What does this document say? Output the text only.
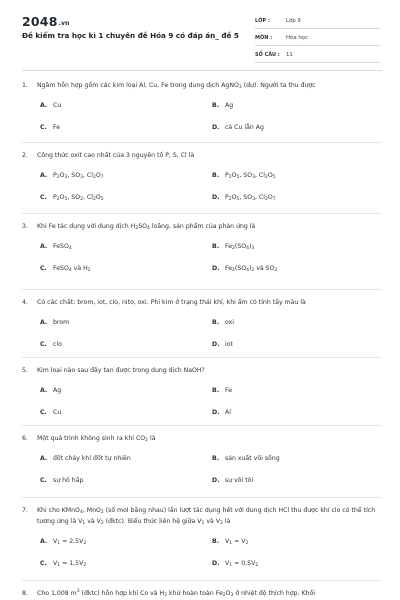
2048.vn
Đề kiểm tra học kì 1 chuyên đề Hóa 9 có đáp án_ đề 5
LỚP :	Lớp 9
MÔN :	Hóa học
SỐ CÂU :	11
1.	Ngâm hỗn hợp gồm các kim loại Al, Cu, Fe trong dung dịch AgNO$_3$ (dư). Người ta thu được
A. Cu	B. Ag
C. Fe	D. cả Cu lẫn Ag
2.	Công thức oxit cao nhất của 3 nguyên tố P, S, Cl là
A. $P_2O_3$, $SO_3$, $Cl_2O_7$	B. $P_2O_5$, $SO_3$, $Cl_2O_5$
C. $P_2O_5$, $SO_2$, $Cl_2O_5$	D. $P_2O_5$, $SO_3$, $Cl_2O_7$
3.	Khi Fe tác dụng với dung dịch $H_2SO_4$ loãng, sản phẩm của phản ứng là
A. FeSO$_4$	B. $Fe_2(SO_4)_3$
C. FeSO$_4$ và $H_2$	D. $Fe_2(SO_4)_2$ và $SO_2$
4.	Có các chất: brom, iot, clo, nito, oxi. Phi kim ở trạng thái khí, khi ẩm có tính tẩy màu là
A. brom	B. oxi
C. clo	D. iot
5.	Kim loại nào sau đây tan được trong dung dịch NaOH?
A. Ag	B. Fe
C. Cu	D. Al
6.	Một quá trình không sinh ra khí $CO_2$ là
A. đốt cháy khí đốt tự nhiên	B. sản xuất vôi sống
C. sự hô hấp	D. sự vôi tôi
7.	Khi cho KMnO$_4$, MnO$_2$ (số mol bằng nhau) lần lượt tác dụng hết với dung dịch HCl thu được khí clo có thể tích tương ứng là $V_1$ và $V_2$ (đktc). Biểu thức liên hệ giữa $V_1$ và $V_2$ là
A. $V_1 = 2,5V_2$	B. $V_1 = V_2$
C. $V_1 = 1,5V_2$	D. $V_1 = 0,5V_2$
8.	Cho 1,008 $m^3$ (đktc) hỗn hợp khí Co và $H_2$ khử hoàn toàn $Fe_2O_3$ ở nhiệt độ thích hợp. Khối
